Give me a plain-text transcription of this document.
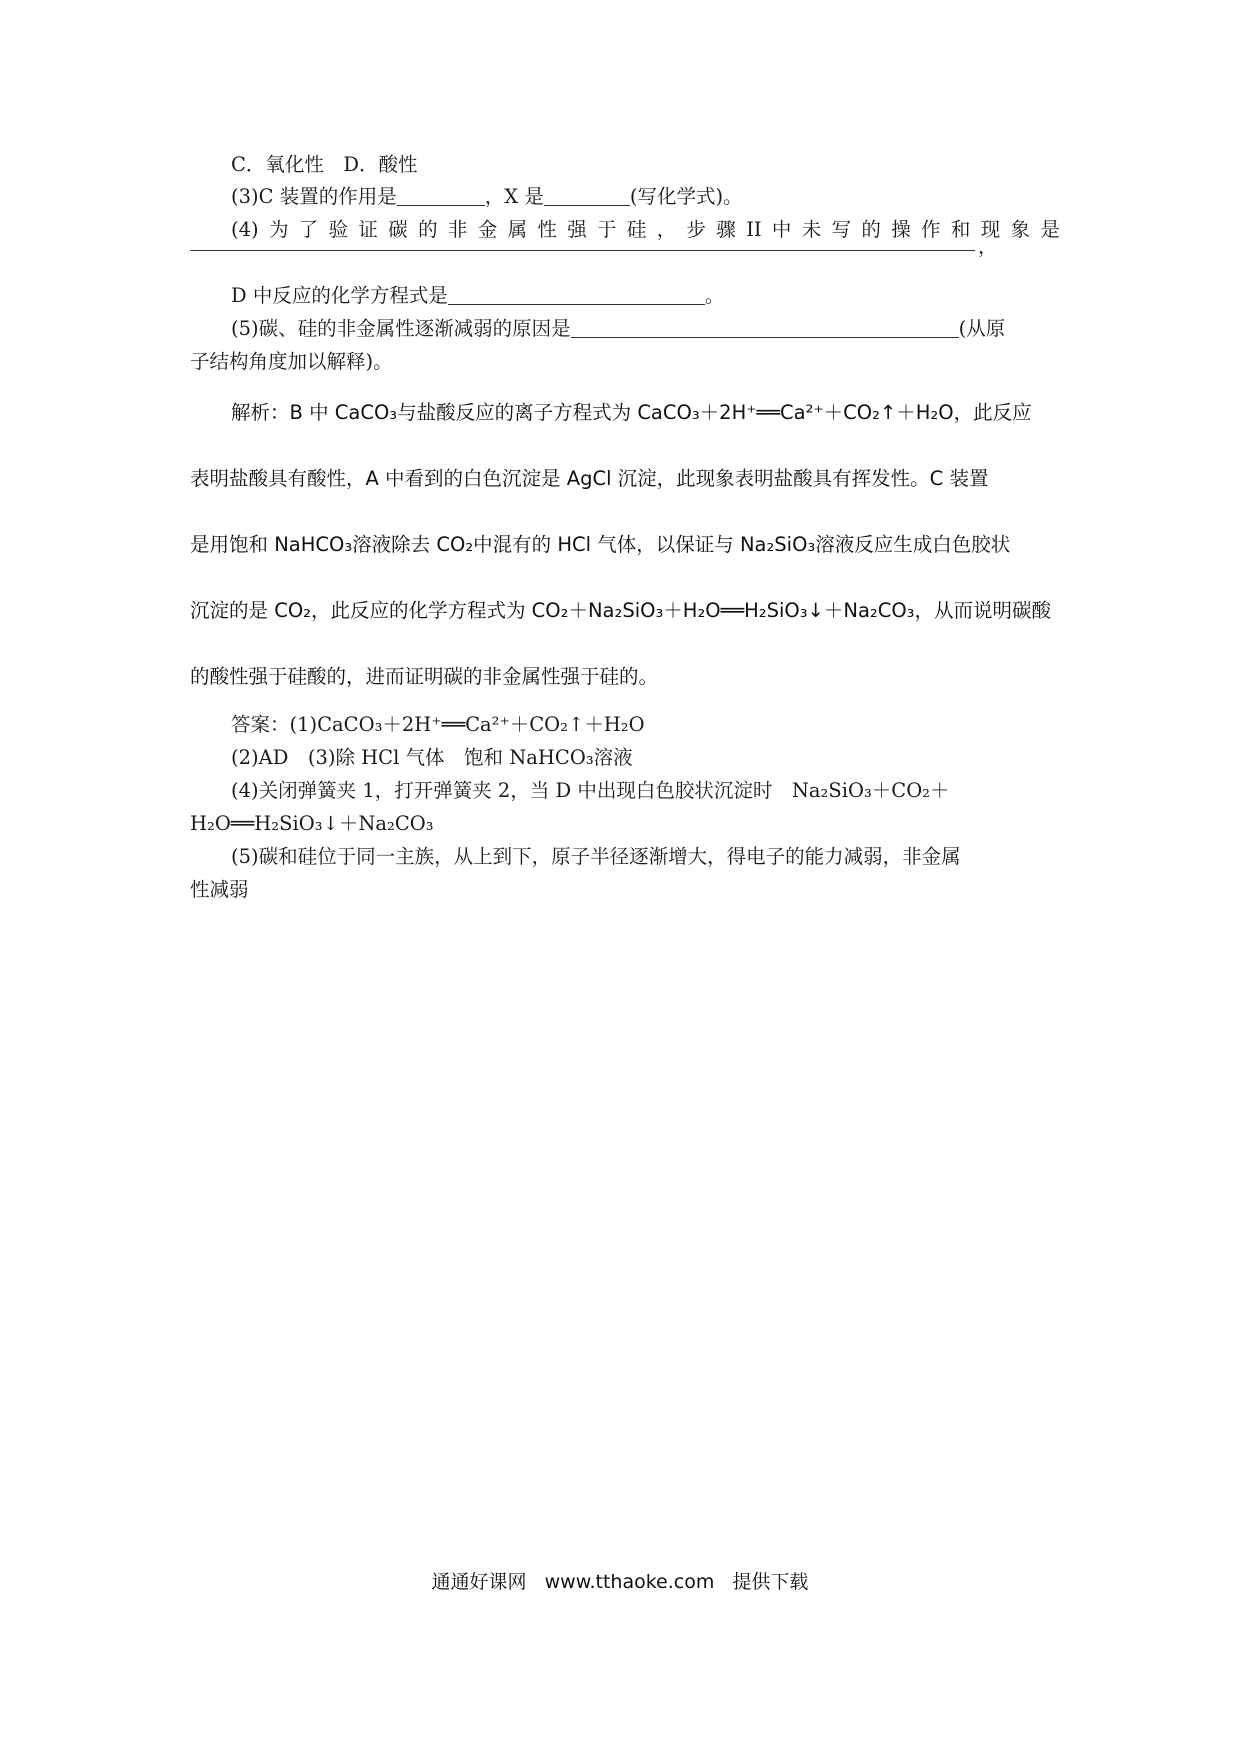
C．氧化性　D．酸性

(3)C 装置的作用是	，X 是	(写化学式)。

(4) 为 了 验 证 碳 的 非 金 属 性 强 于 硅 ， 步 骤 II 中 未 写 的 操 作 和 现 象 是

，

D 中反应的化学方程式是	。

(5)碳、硅的非金属性逐渐减弱的原因是	(从原

子结构角度加以解释)。

解析：B 中 CaCO₃与盐酸反应的离子方程式为 CaCO₃＋2H⁺══Ca²⁺＋CO₂↑＋H₂O，此反应

表明盐酸具有酸性，A 中看到的白色沉淀是 AgCl 沉淀，此现象表明盐酸具有挥发性。C 装置

是用饱和 NaHCO₃溶液除去 CO₂中混有的 HCl 气体，以保证与 Na₂SiO₃溶液反应生成白色胶状

沉淀的是 CO₂，此反应的化学方程式为 CO₂＋Na₂SiO₃＋H₂O══H₂SiO₃↓＋Na₂CO₃，从而说明碳酸

的酸性强于硅酸的，进而证明碳的非金属性强于硅的。

答案：(1)CaCO₃＋2H⁺══Ca²⁺＋CO₂↑＋H₂O

(2)AD　(3)除 HCl 气体　饱和 NaHCO₃溶液

(4)关闭弹簧夹 1，打开弹簧夹 2，当 D 中出现白色胶状沉淀时　Na₂SiO₃＋CO₂＋

H₂O══H₂SiO₃↓＋Na₂CO₃

(5)碳和硅位于同一主族，从上到下，原子半径逐渐增大，得电子的能力减弱，非金属

性减弱

通通好课网 www.tthaoke.com 提供下载
